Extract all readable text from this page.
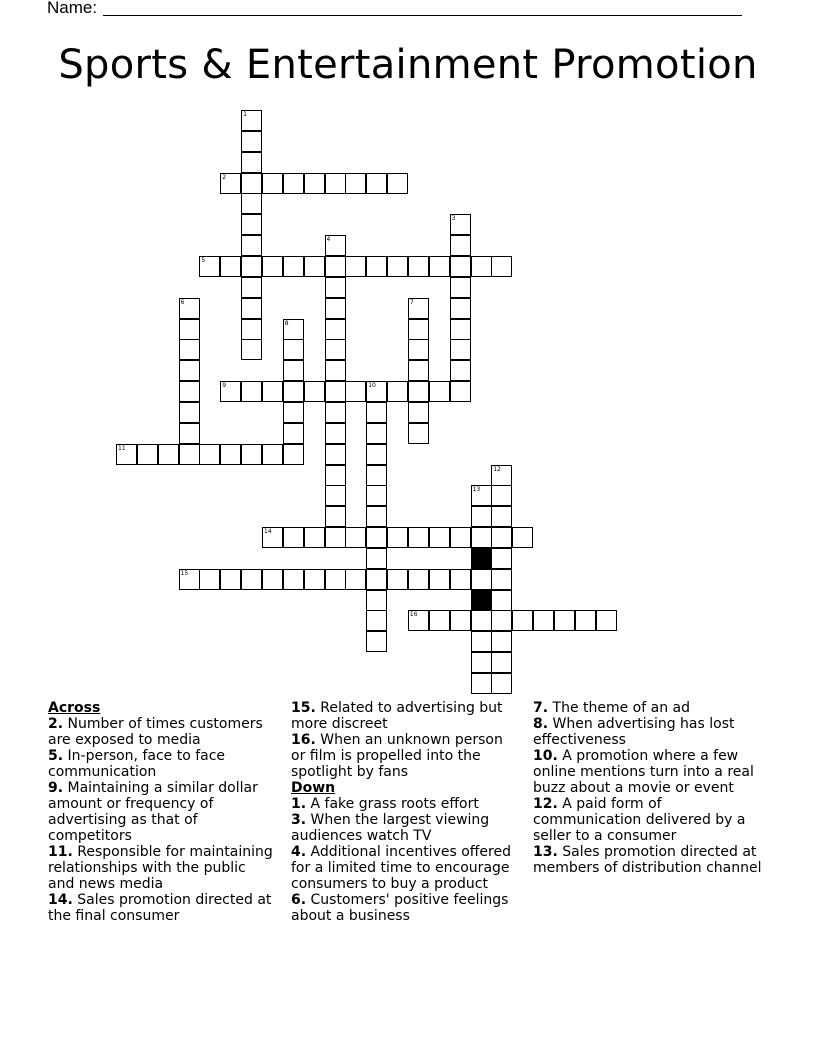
Name:
Sports & Entertainment Promotion
1
2
3
4
5
6	7
8
9	10
11
12
13
14
15
16
Across
2. Number of times customers are exposed to media
5. In-person, face to face communication
9. Maintaining a similar dollar amount or frequency of advertising as that of competitors
11. Responsible for maintaining relationships with the public and news media
14. Sales promotion directed at the final consumer
15. Related to advertising but more discreet
16. When an unknown person or film is propelled into the spotlight by fans
Down
1. A fake grass roots effort
3. When the largest viewing audiences watch TV
4. Additional incentives offered for a limited time to encourage consumers to buy a product
6. Customers' positive feelings about a business
7. The theme of an ad
8. When advertising has lost effectiveness
10. A promotion where a few online mentions turn into a real buzz about a movie or event
12. A paid form of communication delivered by a seller to a consumer
13. Sales promotion directed at members of distribution channel
